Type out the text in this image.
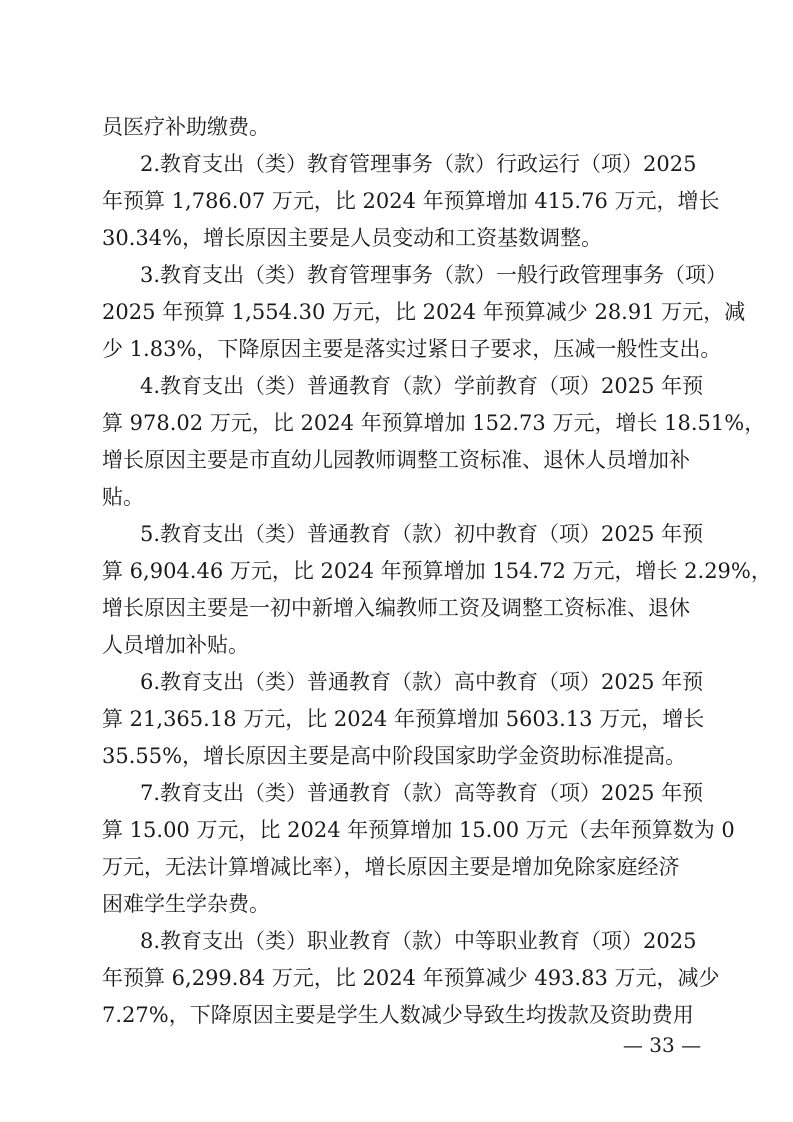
员医疗补助缴费。
2.教育支出（类）教育管理事务（款）行政运行（项）2025
年预算 1,786.07 万元，比 2024 年预算增加 415.76 万元，增长
30.34%，增长原因主要是人员变动和工资基数调整。
3.教育支出（类）教育管理事务（款）一般行政管理事务（项）
2025 年预算 1,554.30 万元，比 2024 年预算减少 28.91 万元，减
少 1.83%，下降原因主要是落实过紧日子要求，压减一般性支出。
4.教育支出（类）普通教育（款）学前教育（项）2025 年预
算 978.02 万元，比 2024 年预算增加 152.73 万元，增长 18.51%，
增长原因主要是市直幼儿园教师调整工资标准、退休人员增加补
贴。
5.教育支出（类）普通教育（款）初中教育（项）2025 年预
算 6,904.46 万元，比 2024 年预算增加 154.72 万元，增长 2.29%，
增长原因主要是一初中新增入编教师工资及调整工资标准、退休
人员增加补贴。
6.教育支出（类）普通教育（款）高中教育（项）2025 年预
算 21,365.18 万元，比 2024 年预算增加 5603.13 万元，增长
35.55%，增长原因主要是高中阶段国家助学金资助标准提高。
7.教育支出（类）普通教育（款）高等教育（项）2025 年预
算 15.00 万元，比 2024 年预算增加 15.00 万元（去年预算数为 0
万元，无法计算增减比率），增长原因主要是增加免除家庭经济
困难学生学杂费。
8.教育支出（类）职业教育（款）中等职业教育（项）2025
年预算 6,299.84 万元，比 2024 年预算减少 493.83 万元，减少
7.27%，下降原因主要是学生人数减少导致生均拨款及资助费用
— 33 —
